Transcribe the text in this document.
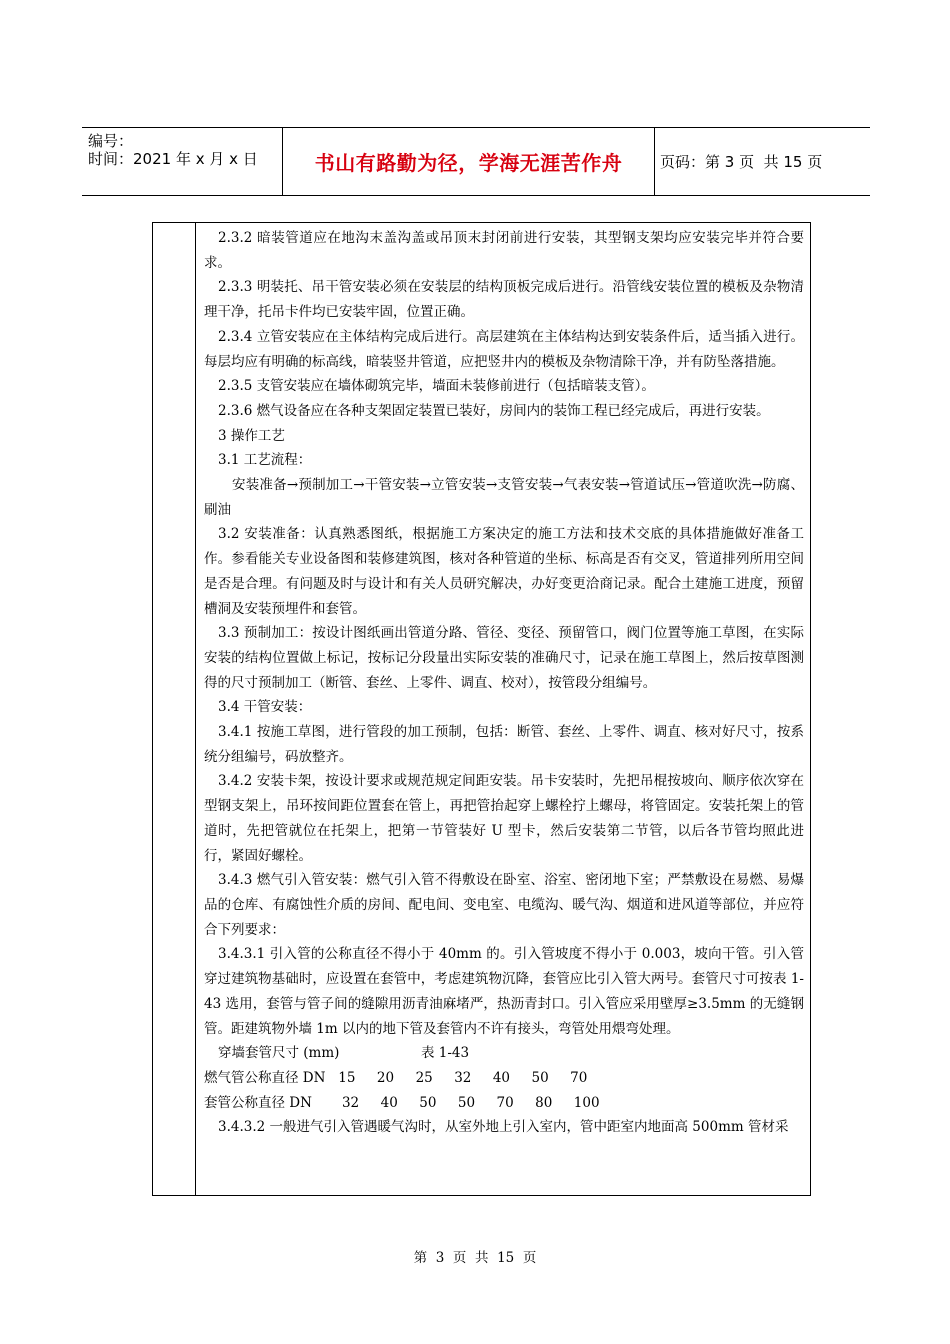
编号：
时间：2021 年 x 月 x 日	书山有路勤为径，学海无涯苦作舟	页码：第 3 页  共 15 页

2.3.2 暗装管道应在地沟末盖沟盖或吊顶末封闭前进行安装，其型钢支架均应安装完毕并符合要求。

2.3.3 明装托、吊干管安装必须在安装层的结构顶板完成后进行。沿管线安装位置的模板及杂物清理干净，托吊卡件均已安装牢固，位置正确。

2.3.4 立管安装应在主体结构完成后进行。高层建筑在主体结构达到安装条件后，适当插入进行。每层均应有明确的标高线，暗装竖井管道，应把竖井内的模板及杂物清除干净，并有防坠落措施。

2.3.5 支管安装应在墙体砌筑完毕，墙面未装修前进行（包括暗装支管）。

2.3.6 燃气设备应在各种支架固定装置已装好，房间内的装饰工程已经完成后，再进行安装。

3 操作工艺

3.1 工艺流程：

安装准备→预制加工→干管安装→立管安装→支管安装→气表安装→管道试压→管道吹洗→防腐、刷油

3.2 安装准备：认真熟悉图纸，根据施工方案决定的施工方法和技术交底的具体措施做好准备工作。参看能关专业设备图和装修建筑图，核对各种管道的坐标、标高是否有交叉，管道排列所用空间是否是合理。有问题及时与设计和有关人员研究解决，办好变更洽商记录。配合土建施工进度，预留槽洞及安装预埋件和套管。

3.3 预制加工：按设计图纸画出管道分路、管径、变径、预留管口，阀门位置等施工草图，在实际安装的结构位置做上标记，按标记分段量出实际安装的准确尺寸，记录在施工草图上，然后按草图测得的尺寸预制加工（断管、套丝、上零件、调直、校对），按管段分组编号。

3.4 干管安装：

3.4.1 按施工草图，进行管段的加工预制，包括：断管、套丝、上零件、调直、核对好尺寸，按系统分组编号，码放整齐。

3.4.2 安装卡架，按设计要求或规范规定间距安装。吊卡安装时，先把吊棍按坡向、顺序依次穿在型钢支架上，吊环按间距位置套在管上，再把管抬起穿上螺栓拧上螺母，将管固定。安装托架上的管道时，先把管就位在托架上，把第一节管装好 U 型卡，然后安装第二节管，以后各节管均照此进行，紧固好螺栓。

3.4.3 燃气引入管安装：燃气引入管不得敷设在卧室、浴室、密闭地下室；严禁敷设在易燃、易爆品的仓库、有腐蚀性介质的房间、配电间、变电室、电缆沟、暖气沟、烟道和进风道等部位，并应符合下列要求：

3.4.3.1 引入管的公称直径不得小于 40mm 的。引入管坡度不得小于 0.003，坡向干管。引入管穿过建筑物基础时，应设置在套管中，考虑建筑物沉降，套管应比引入管大两号。套管尺寸可按表 1-43 选用，套管与管子间的缝隙用沥青油麻堵严，热沥青封口。引入管应采用壁厚≥3.5mm 的无缝钢管。距建筑物外墙 1m 以内的地下管及套管内不许有接头，弯管处用煨弯处理。

穿墙套管尺寸 (mm)                   表 1-43

燃气管公称直径 DN   15     20     25     32     40     50     70

套管公称直径 DN       32     40     50     50     70     80     100

3.4.3.2 一般进气引入管遇暖气沟时，从室外地上引入室内，管中距室内地面高 500mm 管材采

第  3  页  共  15  页
